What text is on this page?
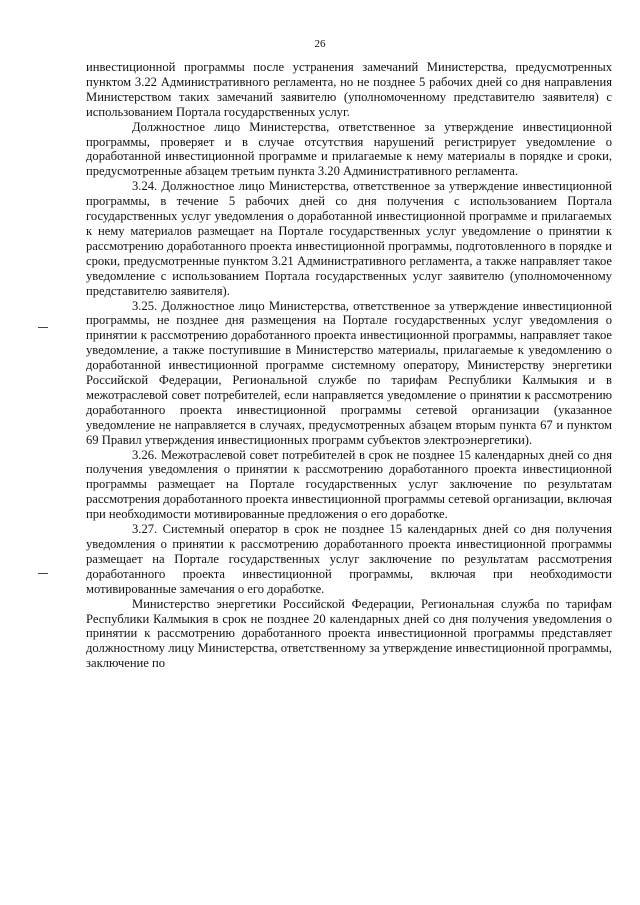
26

инвестиционной программы после устранения замечаний Министерства, предусмотренных пунктом 3.22 Административного регламента, но не позднее 5 рабочих дней со дня направления Министерством таких замечаний заявителю (уполномоченному представителю заявителя) с использованием Портала государственных услуг.

Должностное лицо Министерства, ответственное за утверждение инвестиционной программы, проверяет и в случае отсутствия нарушений регистрирует уведомление о доработанной инвестиционной программе и прилагаемые к нему материалы в порядке и сроки, предусмотренные абзацем третьим пункта 3.20 Административного регламента.

3.24. Должностное лицо Министерства, ответственное за утверждение инвестиционной программы, в течение 5 рабочих дней со дня получения с использованием Портала государственных услуг уведомления о доработанной инвестиционной программе и прилагаемых к нему материалов размещает на Портале государственных услуг уведомление о принятии к рассмотрению доработанного проекта инвестиционной программы, подготовленного в порядке и сроки, предусмотренные пунктом 3.21 Административного регламента, а также направляет такое уведомление с использованием Портала государственных услуг заявителю (уполномоченному представителю заявителя).

3.25. Должностное лицо Министерства, ответственное за утверждение инвестиционной программы, не позднее дня размещения на Портале государственных услуг уведомления о принятии к рассмотрению доработанного проекта инвестиционной программы, направляет такое уведомление, а также поступившие в Министерство материалы, прилагаемые к уведомлению о доработанной инвестиционной программе системному оператору, Министерству энергетики Российской Федерации, Региональной службе по тарифам Республики Калмыкия и в межотраслевой совет потребителей, если направляется уведомление о принятии к рассмотрению доработанного проекта инвестиционной программы сетевой организации (указанное уведомление не направляется в случаях, предусмотренных абзацем вторым пункта 67 и пунктом 69 Правил утверждения инвестиционных программ субъектов электроэнергетики).

3.26. Межотраслевой совет потребителей в срок не позднее 15 календарных дней со дня получения уведомления о принятии к рассмотрению доработанного проекта инвестиционной программы размещает на Портале государственных услуг заключение по результатам рассмотрения доработанного проекта инвестиционной программы сетевой организации, включая при необходимости мотивированные предложения о его доработке.

3.27. Системный оператор в срок не позднее 15 календарных дней со дня получения уведомления о принятии к рассмотрению доработанного проекта инвестиционной программы размещает на Портале государственных услуг заключение по результатам рассмотрения доработанного проекта инвестиционной программы, включая при необходимости мотивированные замечания о его доработке.

Министерство энергетики Российской Федерации, Региональная служба по тарифам Республики Калмыкия в срок не позднее 20 календарных дней со дня получения уведомления о принятии к рассмотрению доработанного проекта инвестиционной программы представляет должностному лицу Министерства, ответственному за утверждение инвестиционной программы, заключение по
